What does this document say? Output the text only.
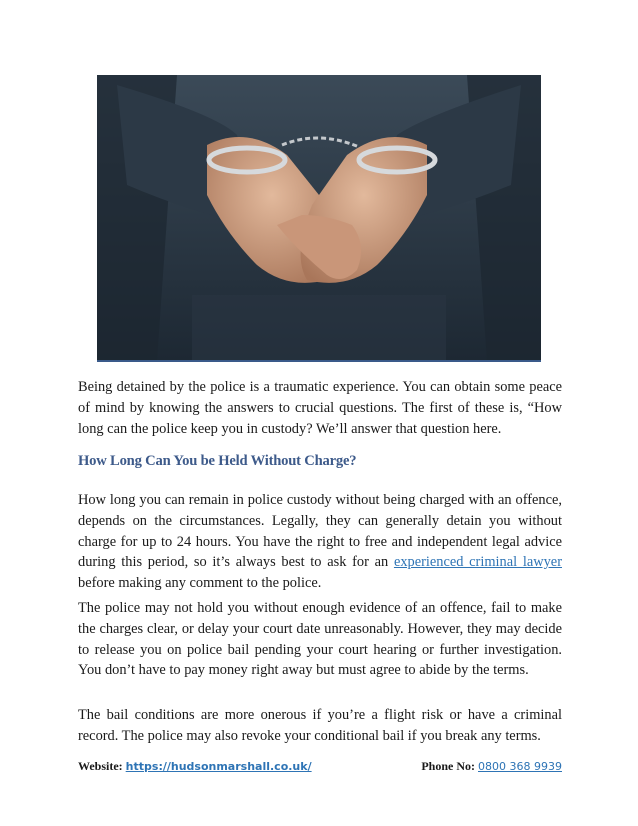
Being detained by the police is a traumatic experience. You can obtain some peace of mind by knowing the answers to crucial questions. The first of these is, “How long can the police keep you in custody? We’ll answer that question here.

How Long Can You be Held Without Charge?

How long you can remain in police custody without being charged with an offence, depends on the circumstances. Legally, they can generally detain you without charge for up to 24 hours. You have the right to free and independent legal advice during this period, so it’s always best to ask for an experienced criminal lawyer before making any comment to the police.

The police may not hold you without enough evidence of an offence, fail to make the charges clear, or delay your court date unreasonably. However, they may decide to release you on police bail pending your court hearing or further investigation. You don’t have to pay money right away but must agree to abide by the terms.

The bail conditions are more onerous if you’re a flight risk or have a criminal record. The police may also revoke your conditional bail if you break any terms.

Website: https://hudsonmarshall.co.uk/	Phone No: 0800 368 9939
